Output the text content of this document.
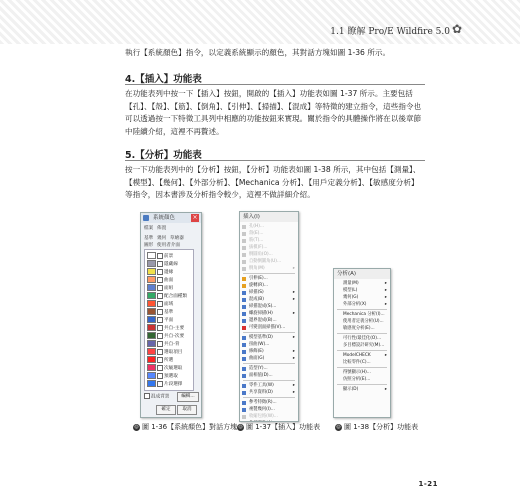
1.1 瞭解 Pro/E Wildfire 5.0 ✿

執行【系統顏色】指令，以定義系統顯示的顏色，其對話方塊如圖 1-36 所示。

4.【插入】功能表

在功能表列中按一下【插入】按鈕，開啟的【插入】功能表如圖 1-37 所示。主要包括【孔】、【殼】、【筋】、【倒角】、【引伸】、【掃描】、【混成】等特徵的建立指令，這些指令也可以透過按一下特徵工具列中相應的功能按鈕來實現。關於指令的具體操作將在以後章節中陸續介紹，這裡不再贅述。

5.【分析】功能表

按一下功能表列中的【分析】按鈕，【分析】功能表如圖 1-38 所示，其中包括【測量】、【模型】、【幾何】、【外部分析】、【Mechanica 分析】、【用戶定義分析】、【敏感度分析】等指令，因本書涉及分析指令較少，這裡不做詳細介紹。

系統顏色	×
檔案 佈置
基準 幾何 草繪器
圖形 使用者介面
前景
隱藏線
邊緣
曲面
面組
配合面種類
面域
基準
平面
共自-主要
共自-次要
共自-背
選取項目
所選
次級選取
預選取
片段選擇
混成背景	編輯...
確定	取消
插入(I)
孔(H)...
殼(E)...
筋(T)...
拔模(F)...
倒圓角(O)...
自動倒圓角(U)...
倒角(M)	▸
引伸(E)...
旋轉(R)...
掃描(S)	▸
混成(B)	▸
掃描混成(S)...
螺旋掃描(H)	▸
邊界混成(B)...
可變剖面掃描(V)...
模型基準(D)	▸
扭曲(W)...
修飾(E)	▸
曲面(G)	▸
造型(Y)...
面相值(D)...
零件工具(W)	▸
共享資料(D)	▸
參考特徵(R)...
複製幾何(I)...
收縮包絡(W)...
分析(A)
測量(M)	▸
模型(L)	▸
幾何(G)	▸
外部分析(X)	▸
Mechanica 分析(I)...
使用者定義分析(U)...
敏感度分析(E)...
可行性/最佳化(O)...
多目標設計研究(M)...
ModelCHECK	▸
比較零件(C)...
得號顯示(H)...
仿照分析(E)...
顯示(D)	▸
◎ 圖 1-36【系統顏色】對話方塊 ◎ 圖 1-37【插入】功能表	◎ 圖 1-38【分析】功能表
1-21
